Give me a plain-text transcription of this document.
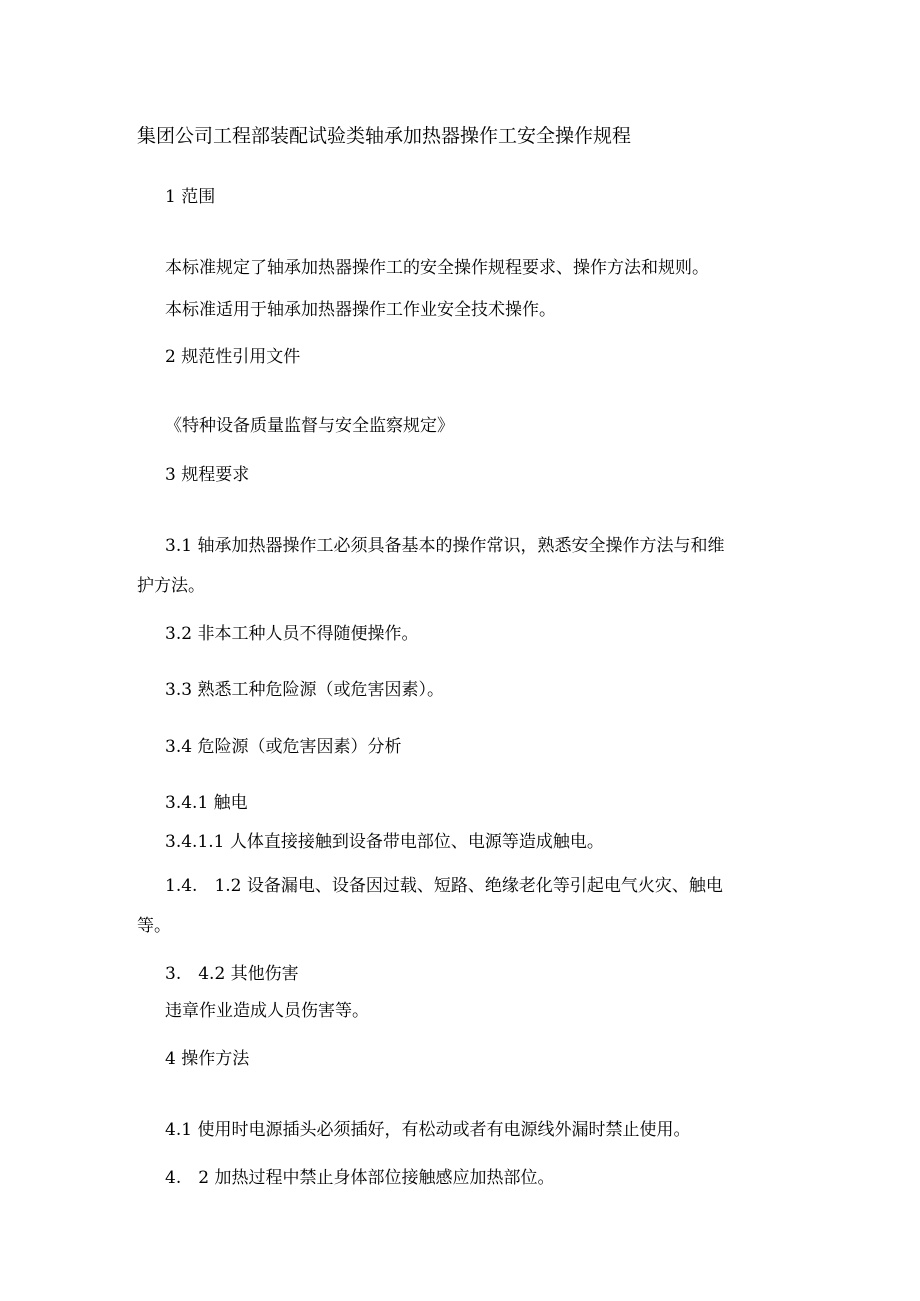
集团公司工程部装配试验类轴承加热器操作工安全操作规程
1 范围
本标准规定了轴承加热器操作工的安全操作规程要求、操作方法和规则。
本标准适用于轴承加热器操作工作业安全技术操作。
2 规范性引用文件
《特种设备质量监督与安全监察规定》
3 规程要求
3.1 轴承加热器操作工必须具备基本的操作常识，熟悉安全操作方法与和维
护方法。
3.2 非本工种人员不得随便操作。
3.3 熟悉工种危险源（或危害因素）。
3.4 危险源（或危害因素）分析
3.4.1 触电
3.4.1.1 人体直接接触到设备带电部位、电源等造成触电。
1.4.　1.2 设备漏电、设备因过载、短路、绝缘老化等引起电气火灾、触电
等。
3.　4.2 其他伤害
违章作业造成人员伤害等。
4 操作方法
4.1 使用时电源插头必须插好，有松动或者有电源线外漏时禁止使用。
4.　2 加热过程中禁止身体部位接触感应加热部位。
